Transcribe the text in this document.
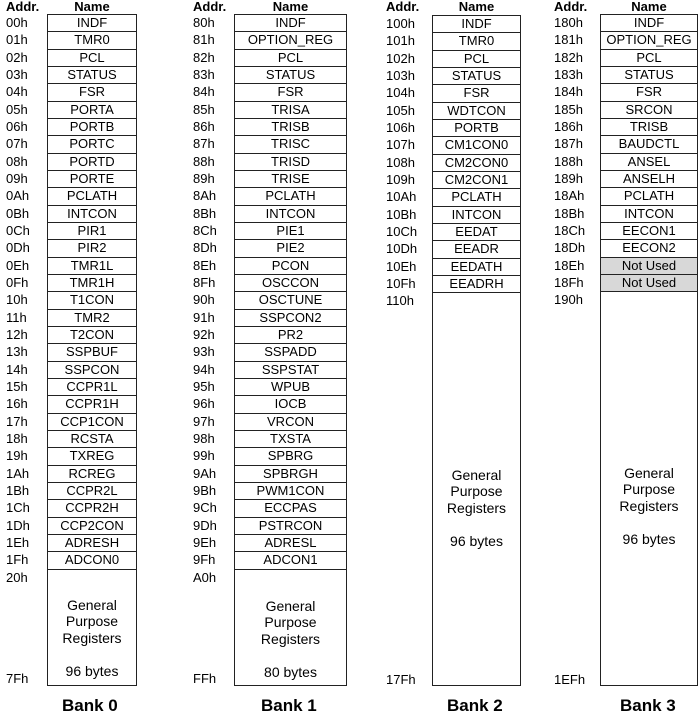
Addr.	Name
00h	INDF
01h	TMR0
02h	PCL
03h	STATUS
04h	FSR
05h	PORTA
06h	PORTB
07h	PORTC
08h	PORTD
09h	PORTE
0Ah	PCLATH
0Bh	INTCON
0Ch	PIR1
0Dh	PIR2
0Eh	TMR1L
0Fh	TMR1H
10h	T1CON
11h	TMR2
12h	T2CON
13h	SSPBUF
14h	SSPCON
15h	CCPR1L
16h	CCPR1H
17h	CCP1CON
18h	RCSTA
19h	TXREG
1Ah	RCREG
1Bh	CCPR2L
1Ch	CCPR2H
1Dh	CCP2CON
1Eh	ADRESH
1Fh	ADCON0
20h
7Fh
General
Purpose
Registers

96 bytes
Bank 0
Addr.	Name
80h	INDF
81h	OPTION_REG
82h	PCL
83h	STATUS
84h	FSR
85h	TRISA
86h	TRISB
87h	TRISC
88h	TRISD
89h	TRISE
8Ah	PCLATH
8Bh	INTCON
8Ch	PIE1
8Dh	PIE2
8Eh	PCON
8Fh	OSCCON
90h	OSCTUNE
91h	SSPCON2
92h	PR2
93h	SSPADD
94h	SSPSTAT
95h	WPUB
96h	IOCB
97h	VRCON
98h	TXSTA
99h	SPBRG
9Ah	SPBRGH
9Bh	PWM1CON
9Ch	ECCPAS
9Dh	PSTRCON
9Eh	ADRESL
9Fh	ADCON1
A0h
FFh
General
Purpose
Registers

80 bytes
Bank 1
Addr.	Name
100h	INDF
101h	TMR0
102h	PCL
103h	STATUS
104h	FSR
105h	WDTCON
106h	PORTB
107h	CM1CON0
108h	CM2CON0
109h	CM2CON1
10Ah	PCLATH
10Bh	INTCON
10Ch	EEDAT
10Dh	EEADR
10Eh	EEDATH
10Fh	EEADRH
110h
17Fh
General
Purpose
Registers

96 bytes
Bank 2
Addr.	Name
180h	INDF
181h	OPTION_REG
182h	PCL
183h	STATUS
184h	FSR
185h	SRCON
186h	TRISB
187h	BAUDCTL
188h	ANSEL
189h	ANSELH
18Ah	PCLATH
18Bh	INTCON
18Ch	EECON1
18Dh	EECON2
18Eh	Not Used
18Fh	Not Used
190h
1EFh
General
Purpose
Registers

96 bytes
Bank 3
